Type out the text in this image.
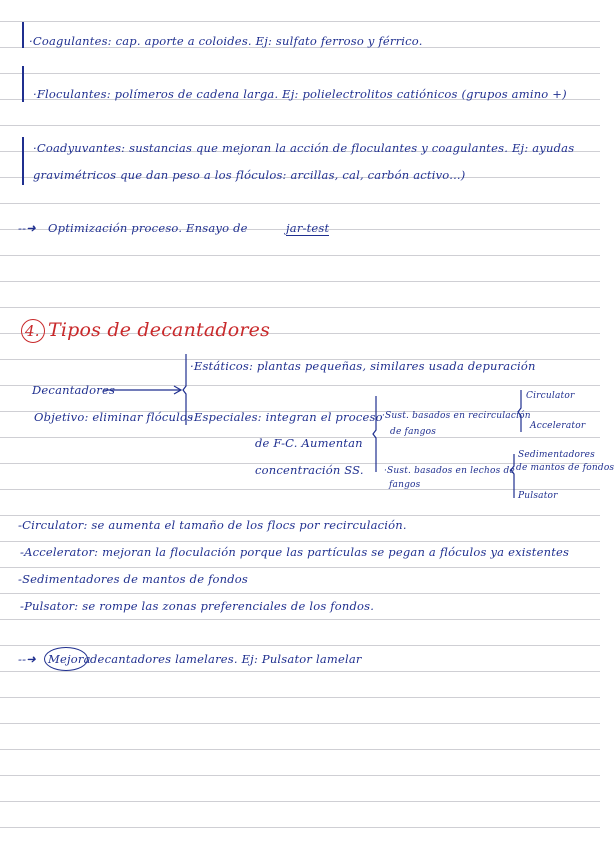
·Coagulantes: cap. aporte a coloides. Ej: sulfato ferroso y férrico.
·Floculantes: polímeros de cadena larga. Ej: polielectrolitos catiónicos (grupos amino +)
·Coadyuvantes: sustancias que mejoran la acción de floculantes y coagulantes. Ej: ayudas
gravimétricos que dan peso a los flóculos: arcillas, cal, carbón activo...)
--➜ Optimización proceso. Ensayo de	jar-test
4. Tipos de decantadores
Decantadores
Objetivo: eliminar flóculos
·Estáticos: plantas pequeñas, similares usada depuración
·Especiales: integran el proceso
de F-C. Aumentan
concentración SS.
·Sust. basados en recirculación
de fangos
Circulator
Accelerator
·Sust. basados en lechos de
fangos
Sedimentadores
de mantos de fondos
Pulsator
-Circulator: se aumenta el tamaño de los flocs por recirculación.
-Accelerator: mejoran la floculación porque las partículas se pegan a flóculos ya existentes
-Sedimentadores de mantos de fondos
-Pulsator: se rompe las zonas preferenciales de los fondos.
--➜ Mejora decantadores lamelares. Ej: Pulsator lamelar
